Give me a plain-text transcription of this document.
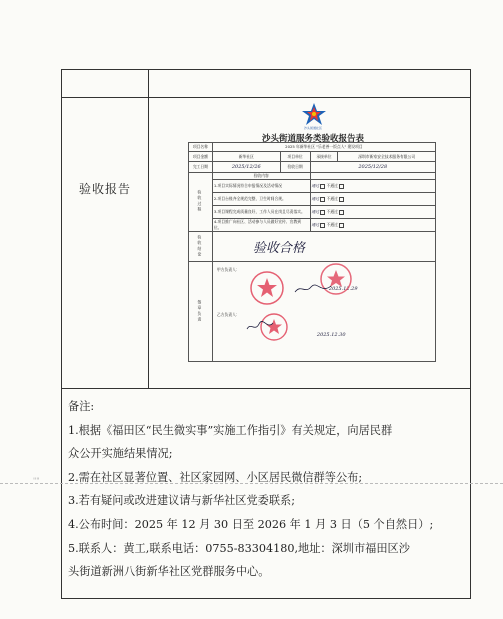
验收报告
沙头街道社区
沙头街道服务类验收报告表
项目名称	2025 年新华社区 "乐老善一饭点人" 建设项目			
项目金额	新华社区	项目单位	承接单位	深圳市新家安全技术服务有限公司
完工日期	2025/12/26	验收日期	2025/12/28	
验收过程	验收内容			
	1.项目实际情况符合申报情况及活动情况		通过 不通过	
	2.项目台账齐全规范完整，卫生时间合规。		通过 不通过	
	3.项目课程完成质量良好，工作人员在岗且尽责落实。		通过 不通过	
	4.项目推广向社区、活动参与人员做好宣传、宣教到位。		通过 不通过	
验收结论	验收合格			
签章负责	甲方负责人：
乙方负责人：
2025.12.29
2025.12.30			
备注:
1.根据《福田区“民生微实事”实施工作指引》有关规定，向居民群
众公开实施结果情况;
2.需在社区显著位置、社区家园网、小区居民微信群等公布;
3.若有疑问或改进建议请与新华社区党委联系;
4.公布时间：2025 年 12 月 30 日至 2026 年 1 月 3 日（5 个自然日）;
5.联系人：黄工,联系电话：0755-83304180,地址：深圳市福田区沙
头街道新洲八街新华社区党群服务中心。
""
